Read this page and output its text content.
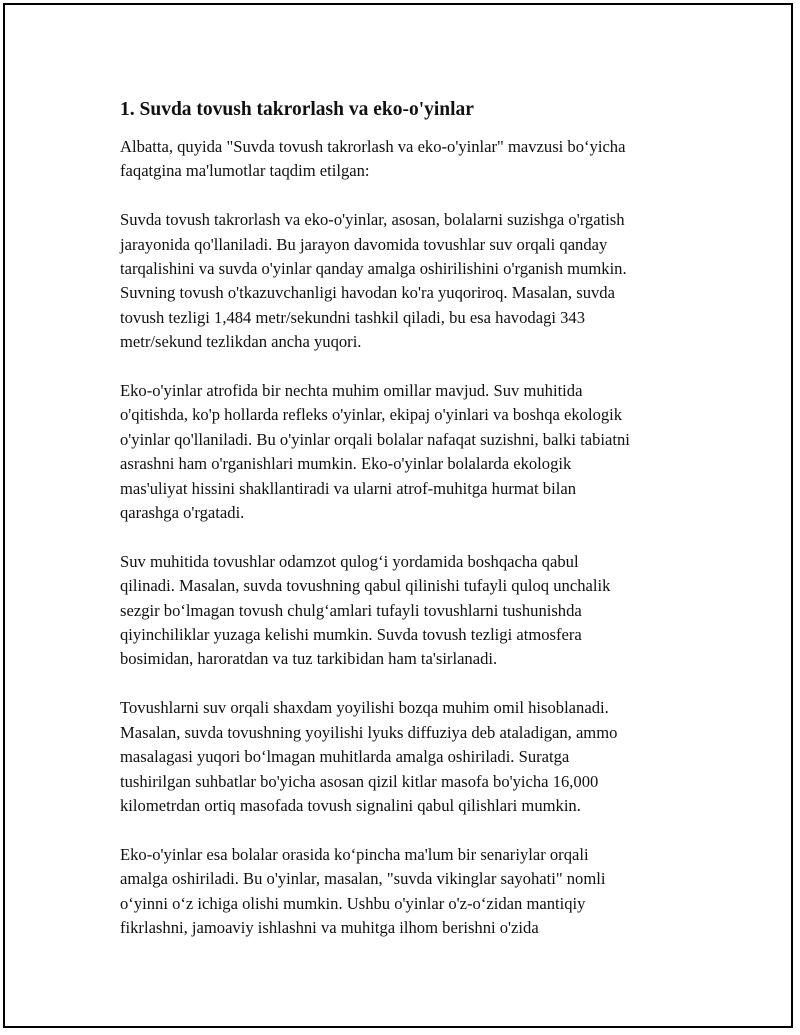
1. Suvda tovush takrorlash va eko-o'yinlar

Albatta, quyida "Suvda tovush takrorlash va eko-o'yinlar" mavzusi bo‘yicha
faqatgina ma'lumotlar taqdim etilgan:

Suvda tovush takrorlash va eko-o'yinlar, asosan, bolalarni suzishga o'rgatish
jarayonida qo'llaniladi. Bu jarayon davomida tovushlar suv orqali qanday
tarqalishini va suvda o'yinlar qanday amalga oshirilishini o'rganish mumkin.
Suvning tovush o'tkazuvchanligi havodan ko'ra yuqoriroq. Masalan, suvda
tovush tezligi 1,484 metr/sekundni tashkil qiladi, bu esa havodagi 343
metr/sekund tezlikdan ancha yuqori.

Eko-o'yinlar atrofida bir nechta muhim omillar mavjud. Suv muhitida
o'qitishda, ko'p hollarda refleks o'yinlar, ekipaj o'yinlari va boshqa ekologik
o'yinlar qo'llaniladi. Bu o'yinlar orqali bolalar nafaqat suzishni, balki tabiatni
asrashni ham o'rganishlari mumkin. Eko-o'yinlar bolalarda ekologik
mas'uliyat hissini shakllantiradi va ularni atrof-muhitga hurmat bilan
qarashga o'rgatadi.

Suv muhitida tovushlar odamzot qulog‘i yordamida boshqacha qabul
qilinadi. Masalan, suvda tovushning qabul qilinishi tufayli quloq unchalik
sezgir bo‘lmagan tovush chulg‘amlari tufayli tovushlarni tushunishda
qiyinchiliklar yuzaga kelishi mumkin. Suvda tovush tezligi atmosfera
bosimidan, haroratdan va tuz tarkibidan ham ta'sirlanadi.

Tovushlarni suv orqali shaxdam yoyilishi bozqa muhim omil hisoblanadi.
Masalan, suvda tovushning yoyilishi lyuks diffuziya deb ataladigan, ammo
masalagasi yuqori bo‘lmagan muhitlarda amalga oshiriladi. Suratga
tushirilgan suhbatlar bo'yicha asosan qizil kitlar masofa bo'yicha 16,000
kilometrdan ortiq masofada tovush signalini qabul qilishlari mumkin.

Eko-o'yinlar esa bolalar orasida ko‘pincha ma'lum bir senariylar orqali
amalga oshiriladi. Bu o'yinlar, masalan, "suvda vikinglar sayohati" nomli
o‘yinni o‘z ichiga olishi mumkin. Ushbu o'yinlar o'z-o‘zidan mantiqiy
fikrlashni, jamoaviy ishlashni va muhitga ilhom berishni o'zida
